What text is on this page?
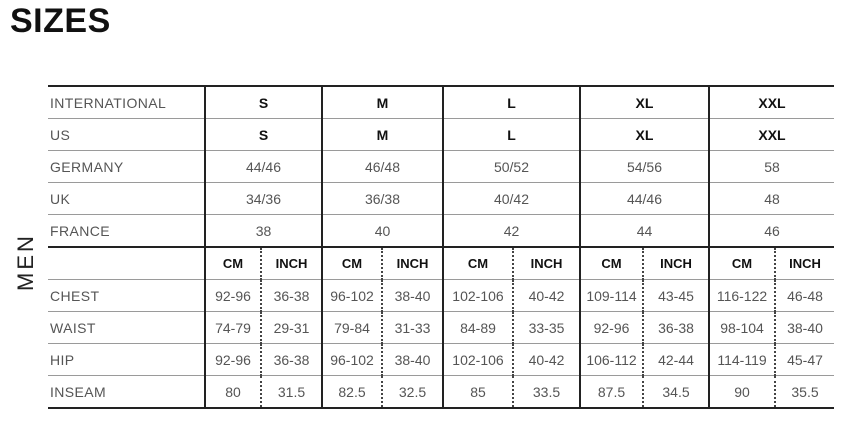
SIZES
MEN
INTERNATIONAL	S		M		L		XL		XXL	
US	S		M		L		XL		XXL	
GERMANY	44/46		46/48		50/52		54/56		58	
UK	34/36		36/38		40/42		44/46		48	
FRANCE	38		40		42		44		46	
	CM	INCH	CM	INCH	CM	INCH	CM	INCH	CM	INCH
CHEST	92-96	36-38	96-102	38-40	102-106	40-42	109-114	43-45	116-122	46-48
WAIST	74-79	29-31	79-84	31-33	84-89	33-35	92-96	36-38	98-104	38-40
HIP	92-96	36-38	96-102	38-40	102-106	40-42	106-112	42-44	114-119	45-47
INSEAM	80	31.5	82.5	32.5	85	33.5	87.5	34.5	90	35.5
